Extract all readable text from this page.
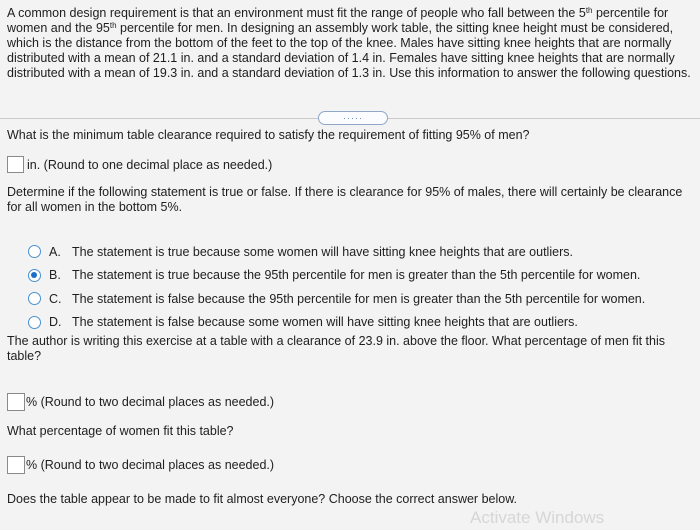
A common design requirement is that an environment must fit the range of people who fall between the 5th percentile for women and the 95th percentile for men. In designing an assembly work table, the sitting knee height must be considered, which is the distance from the bottom of the feet to the top of the knee. Males have sitting knee heights that are normally distributed with a mean of 21.1 in. and a standard deviation of 1.4 in. Females have sitting knee heights that are normally distributed with a mean of 19.3 in. and a standard deviation of 1.3 in. Use this information to answer the following questions.
·····
What is the minimum table clearance required to satisfy the requirement of fitting 95% of men?
in. (Round to one decimal place as needed.)
Determine if the following statement is true or false. If there is clearance for 95% of males, there will certainly be clearance for all women in the bottom 5%.
A. The statement is true because some women will have sitting knee heights that are outliers.
B. The statement is true because the 95th percentile for men is greater than the 5th percentile for women.
C. The statement is false because the 95th percentile for men is greater than the 5th percentile for women.
D. The statement is false because some women will have sitting knee heights that are outliers.
The author is writing this exercise at a table with a clearance of 23.9 in. above the floor. What percentage of men fit this table?
% (Round to two decimal places as needed.)
What percentage of women fit this table?
% (Round to two decimal places as needed.)
Does the table appear to be made to fit almost everyone? Choose the correct answer below.
Activate Windows
